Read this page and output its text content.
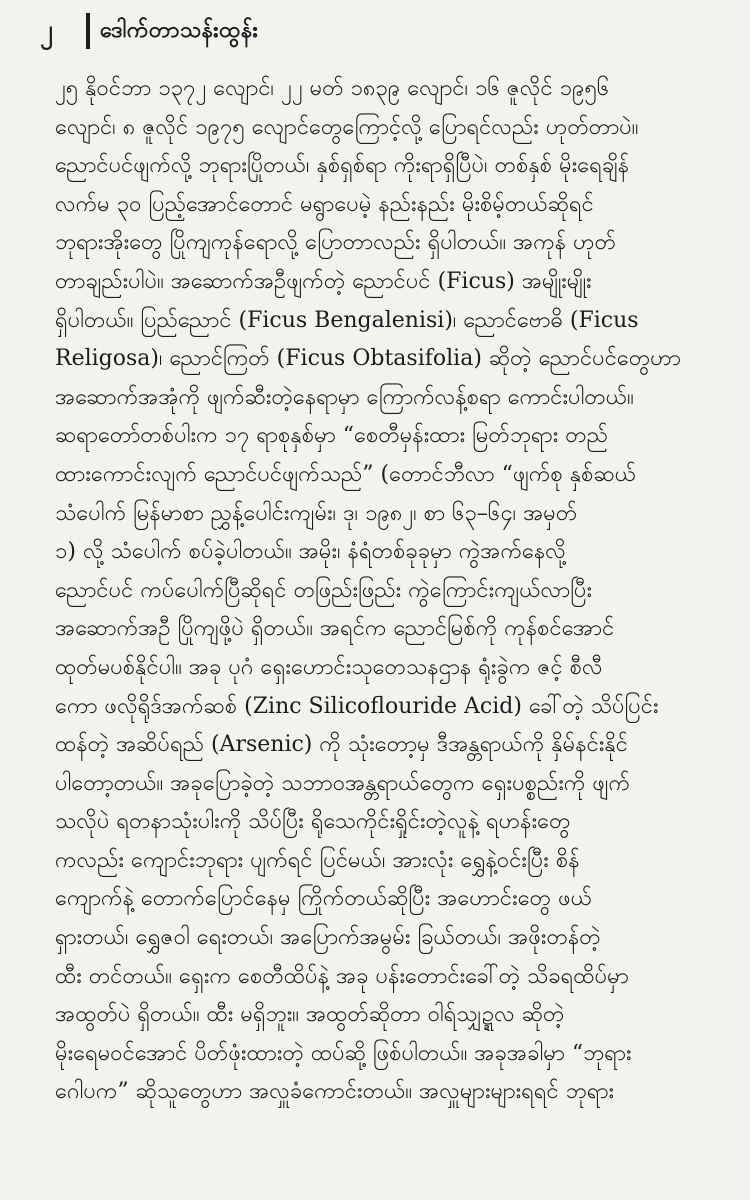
၂	ဒေါက်တာသန်းထွန်း
၂၅ နိုဝင်ဘာ ၁၃၇၂ လျောင်၊ ၂၂ မတ် ၁၈၃၉ လျောင်၊ ၁၆ ဇူလိုင် ၁၉၅၆
လျောင်၊ ၈ ဇူလိုင် ၁၉၇၅ လျောင်တွေကြောင့်လို့ ပြောရင်လည်း ဟုတ်တာပဲ။
ညောင်ပင်ဖျက်လို့ ဘုရားပြိုတယ်၊ နှစ်ရှစ်ရာ ကိုးရာရှိပြီပဲ၊ တစ်နှစ် မိုးရေချိန်
လက်မ ၃၀ ပြည့်အောင်တောင် မရွာပေမဲ့ နည်းနည်း မိုးစိမ့်တယ်ဆိုရင်
ဘုရားအိုးတွေ ပြိုကျကုန်ရောလို့ ပြောတာလည်း ရှိပါတယ်။ အကုန် ဟုတ်
တာချည်းပါပဲ။ အဆောက်အဦဖျက်တဲ့ ညောင်ပင် (Ficus) အမျိုးမျိုး
ရှိပါတယ်။ ပြည်ညောင် (Ficus Bengalenisi)၊ ညောင်ဗောဓိ (Ficus
Religosa)၊ ညောင်ကြတ် (Ficus Obtasifolia) ဆိုတဲ့ ညောင်ပင်တွေဟာ
အဆောက်အအုံကို ဖျက်ဆီးတဲ့နေရာမှာ ကြောက်လန့်စရာ ကောင်းပါတယ်။
ဆရာတော်တစ်ပါးက ၁၇ ရာစုနှစ်မှာ “စေတီမှန်းထား မြတ်ဘုရား တည်
ထားကောင်းလျက် ညောင်ပင်ဖျက်သည်” (တောင်ဘီလာ “ဖျက်စု နှစ်ဆယ်
သံပေါက် မြန်မာစာ ညွှန့်ပေါင်းကျမ်း၊ ဒု၊ ၁၉၈၂၊ စာ ၆၃–၆၄၊ အမှတ်
၁) လို့ သံပေါက် စပ်ခဲ့ပါတယ်။ အမိုး၊ နံရံတစ်ခုခုမှာ ကွဲအက်နေလို့
ညောင်ပင် ကပ်ပေါက်ပြီဆိုရင် တဖြည်းဖြည်း ကွဲကြောင်းကျယ်လာပြီး
အဆောက်အဦ ပြိုကျဖို့ပဲ ရှိတယ်။ အရင်က ညောင်မြစ်ကို ကုန်စင်အောင်
ထုတ်မပစ်နိုင်ပါ။ အခု ပုဂံ ရှေးဟောင်းသုတေသနဌာန ရုံးခွဲက ဇင့် စီလီ
ကော ဖလိုရိုဒ်အက်ဆစ် (Zinc Silicoflouride Acid) ခေါ်တဲ့ သိပ်ပြင်း
ထန်တဲ့ အဆိပ်ရည် (Arsenic) ကို သုံးတော့မှ ဒီအန္တရာယ်ကို နှိမ်နင်းနိုင်
ပါတော့တယ်။ အခုပြောခဲ့တဲ့ သဘာဝအန္တရာယ်တွေက ရှေးပစ္စည်းကို ဖျက်
သလိုပဲ ရတနာသုံးပါးကို သိပ်ပြီး ရိုသေကိုင်းရှိုင်းတဲ့လူနဲ့ ရဟန်းတွေ
ကလည်း ကျောင်းဘုရား ပျက်ရင် ပြင်မယ်၊ အားလုံး ရွှေနဲ့ဝင်းပြီး စိန်
ကျောက်နဲ့ တောက်ပြောင်နေမှ ကြိုက်တယ်ဆိုပြီး အဟောင်းတွေ ဖယ်
ရှားတယ်၊ ရွှေဇဝါ ရေးတယ်၊ အပြောက်အမွမ်း ခြယ်တယ်၊ အဖိုးတန်တဲ့
ထီး တင်တယ်။ ရှေးက စေတီထိပ်နဲ့ အခု ပန်းတောင်းခေါ်တဲ့ သိခရထိပ်မှာ
အထွတ်ပဲ ရှိတယ်။ ထီး မရှိဘူး။ အထွတ်ဆိုတာ ဝါရ်သျှဍ္ဍလ ဆိုတဲ့
မိုးရေမဝင်အောင် ပိတ်ဖုံးထားတဲ့ ထပ်ဆို့ ဖြစ်ပါတယ်။ အခုအခါမှာ “ဘုရား
ဂေါပက” ဆိုသူတွေဟာ အလှူခံကောင်းတယ်။ အလှူများများရရင် ဘုရား
